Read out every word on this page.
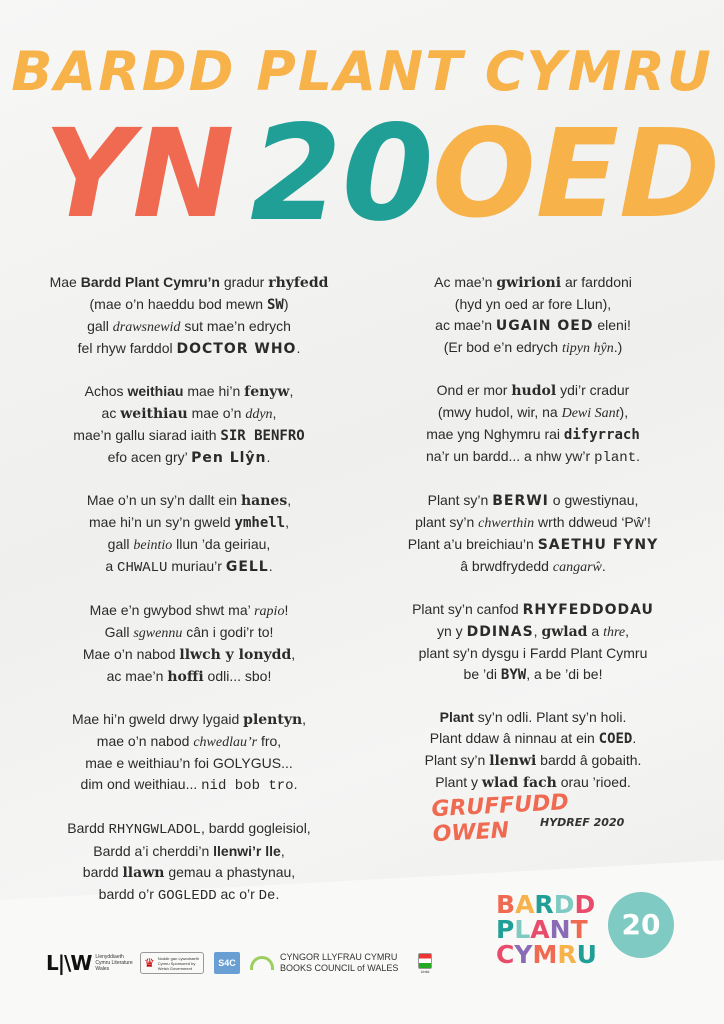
BARDD PLANT CYMRU
YN 20
OED
Mae Bardd Plant Cymru’n gradur rhyfedd
(mae o’n haeddu bod mewn SW)
gall drawsnewid sut mae’n edrych
fel rhyw farddol DOCTOR WHO.
Achos weithiau mae hi’n fenyw,
ac weithiau mae o’n ddyn,
mae’n gallu siarad iaith SIR BENFRO
efo acen gry’ Pen Llŷn.
Mae o’n un sy’n dallt ein hanes,
mae hi’n un sy’n gweld ymhell,
gall beintio llun ’da geiriau,
a CHWALU muriau’r GELL.
Mae e’n gwybod shwt ma’ rapio!
Gall sgwennu cân i godi’r to!
Mae o’n nabod llwch y lonydd,
ac mae’n hoffi odli... sbo!
Mae hi’n gweld drwy lygaid plentyn,
mae o’n nabod chwedlau’r fro,
mae e weithiau’n foi GOLYGUS...
dim ond weithiau... nid bob tro.
Bardd RHYNGWLADOL, bardd gogleisiol,
Bardd a’i cherddi’n llenwi’r lle,
bardd llawn gemau a phastynau,
bardd o’r GOGLEDD ac o’r De.
Ac mae’n gwirioni ar farddoni
(hyd yn oed ar fore Llun),
ac mae’n UGAIN OED eleni!
(Er bod e’n edrych tipyn hŷn.)
Ond er mor hudol ydi’r cradur
(mwy hudol, wir, na Dewi Sant),
mae yng Nghymru rai difyrrach
na’r un bardd... a nhw yw’r plant.
Plant sy’n BERWI o gwestiynau,
plant sy’n chwerthin wrth ddweud ‘Pŵ’!
Plant a’u breichiau’n SAETHU FYNY
â brwdfrydedd cangarŵ.
Plant sy’n canfod RHYFEDDODAU
yn y DDINAS, gwlad a thre,
plant sy’n dysgu i Fardd Plant Cymru
be ’di BYW, a be ’di be!
Plant sy’n odli. Plant sy’n holi.
Plant ddaw â ninnau at ein COED.
Plant sy’n llenwi bardd â gobaith.
Plant y wlad fach orau ’rioed.
GRUFFUDD OWEN	HYDREF 2020
BARDD
PLANT
CYMRU
20
L|\W Llenyddiaeth Cymru Literature Wales	♛ Noddir gan Lywodraeth Cymru Sponsored by Welsh Government	S4C
CYNGOR LLYFRAU CYMRU
BOOKS COUNCIL of WALES	Urdd
